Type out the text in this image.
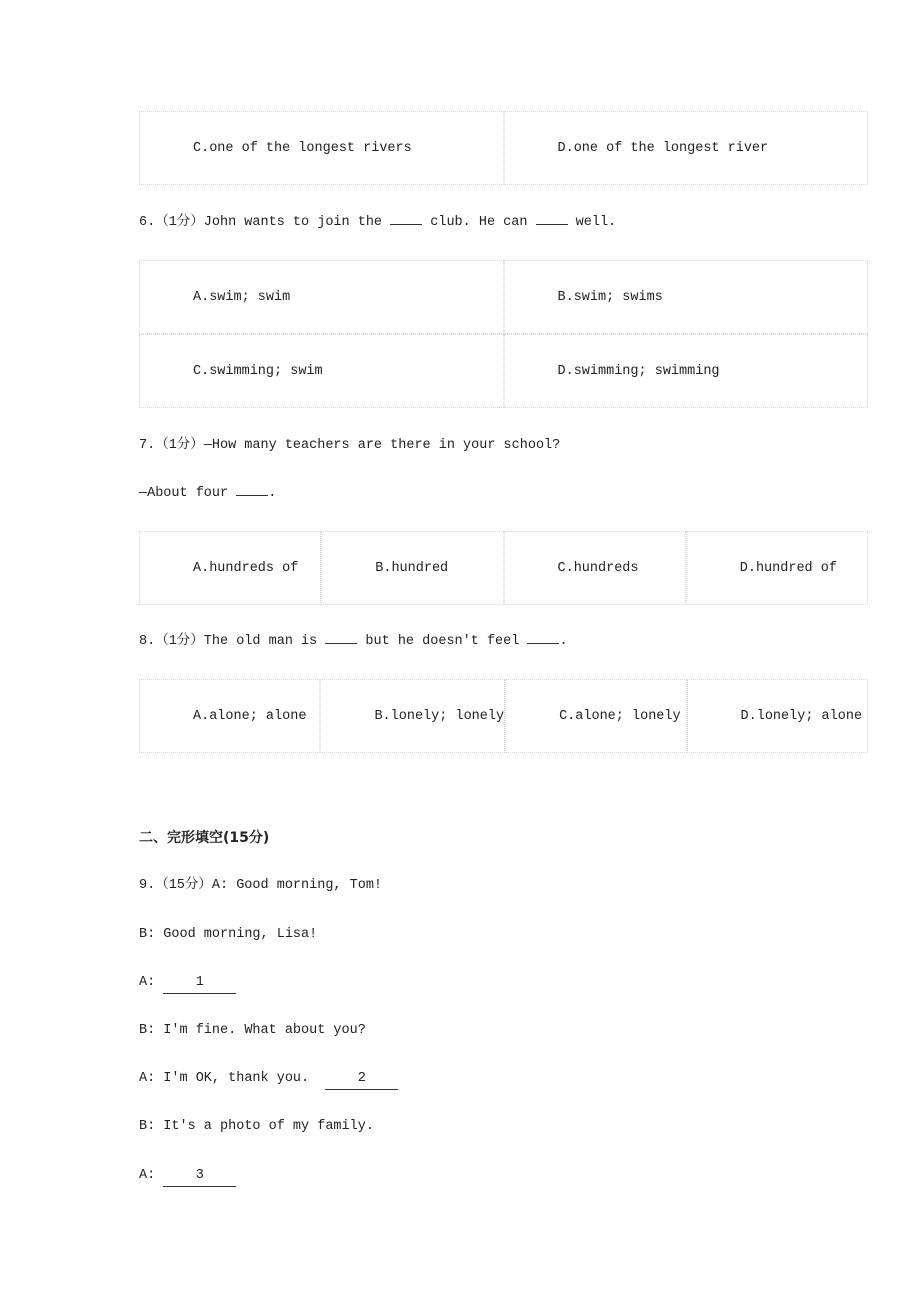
C.one of the longest rivers	D.one of the longest river
6.（1分）John wants to join the  club. He can  well.
A.swim; swim	B.swim; swims
C.swimming; swim	D.swimming; swimming
7.（1分）—How many teachers are there in your school?
—About four .
A.hundreds of	B.hundred	C.hundreds	D.hundred of
8.（1分）The old man is  but he doesn't feel .
A.alone; alone	B.lonely; lonely	C.alone; lonely	D.lonely; alone
二、完形填空(15分)
9.（15分）A: Good morning, Tom!
B: Good morning, Lisa!
A: 1
B: I'm fine. What about you?
A: I'm OK, thank you.  2
B: It's a photo of my family.
A: 3
